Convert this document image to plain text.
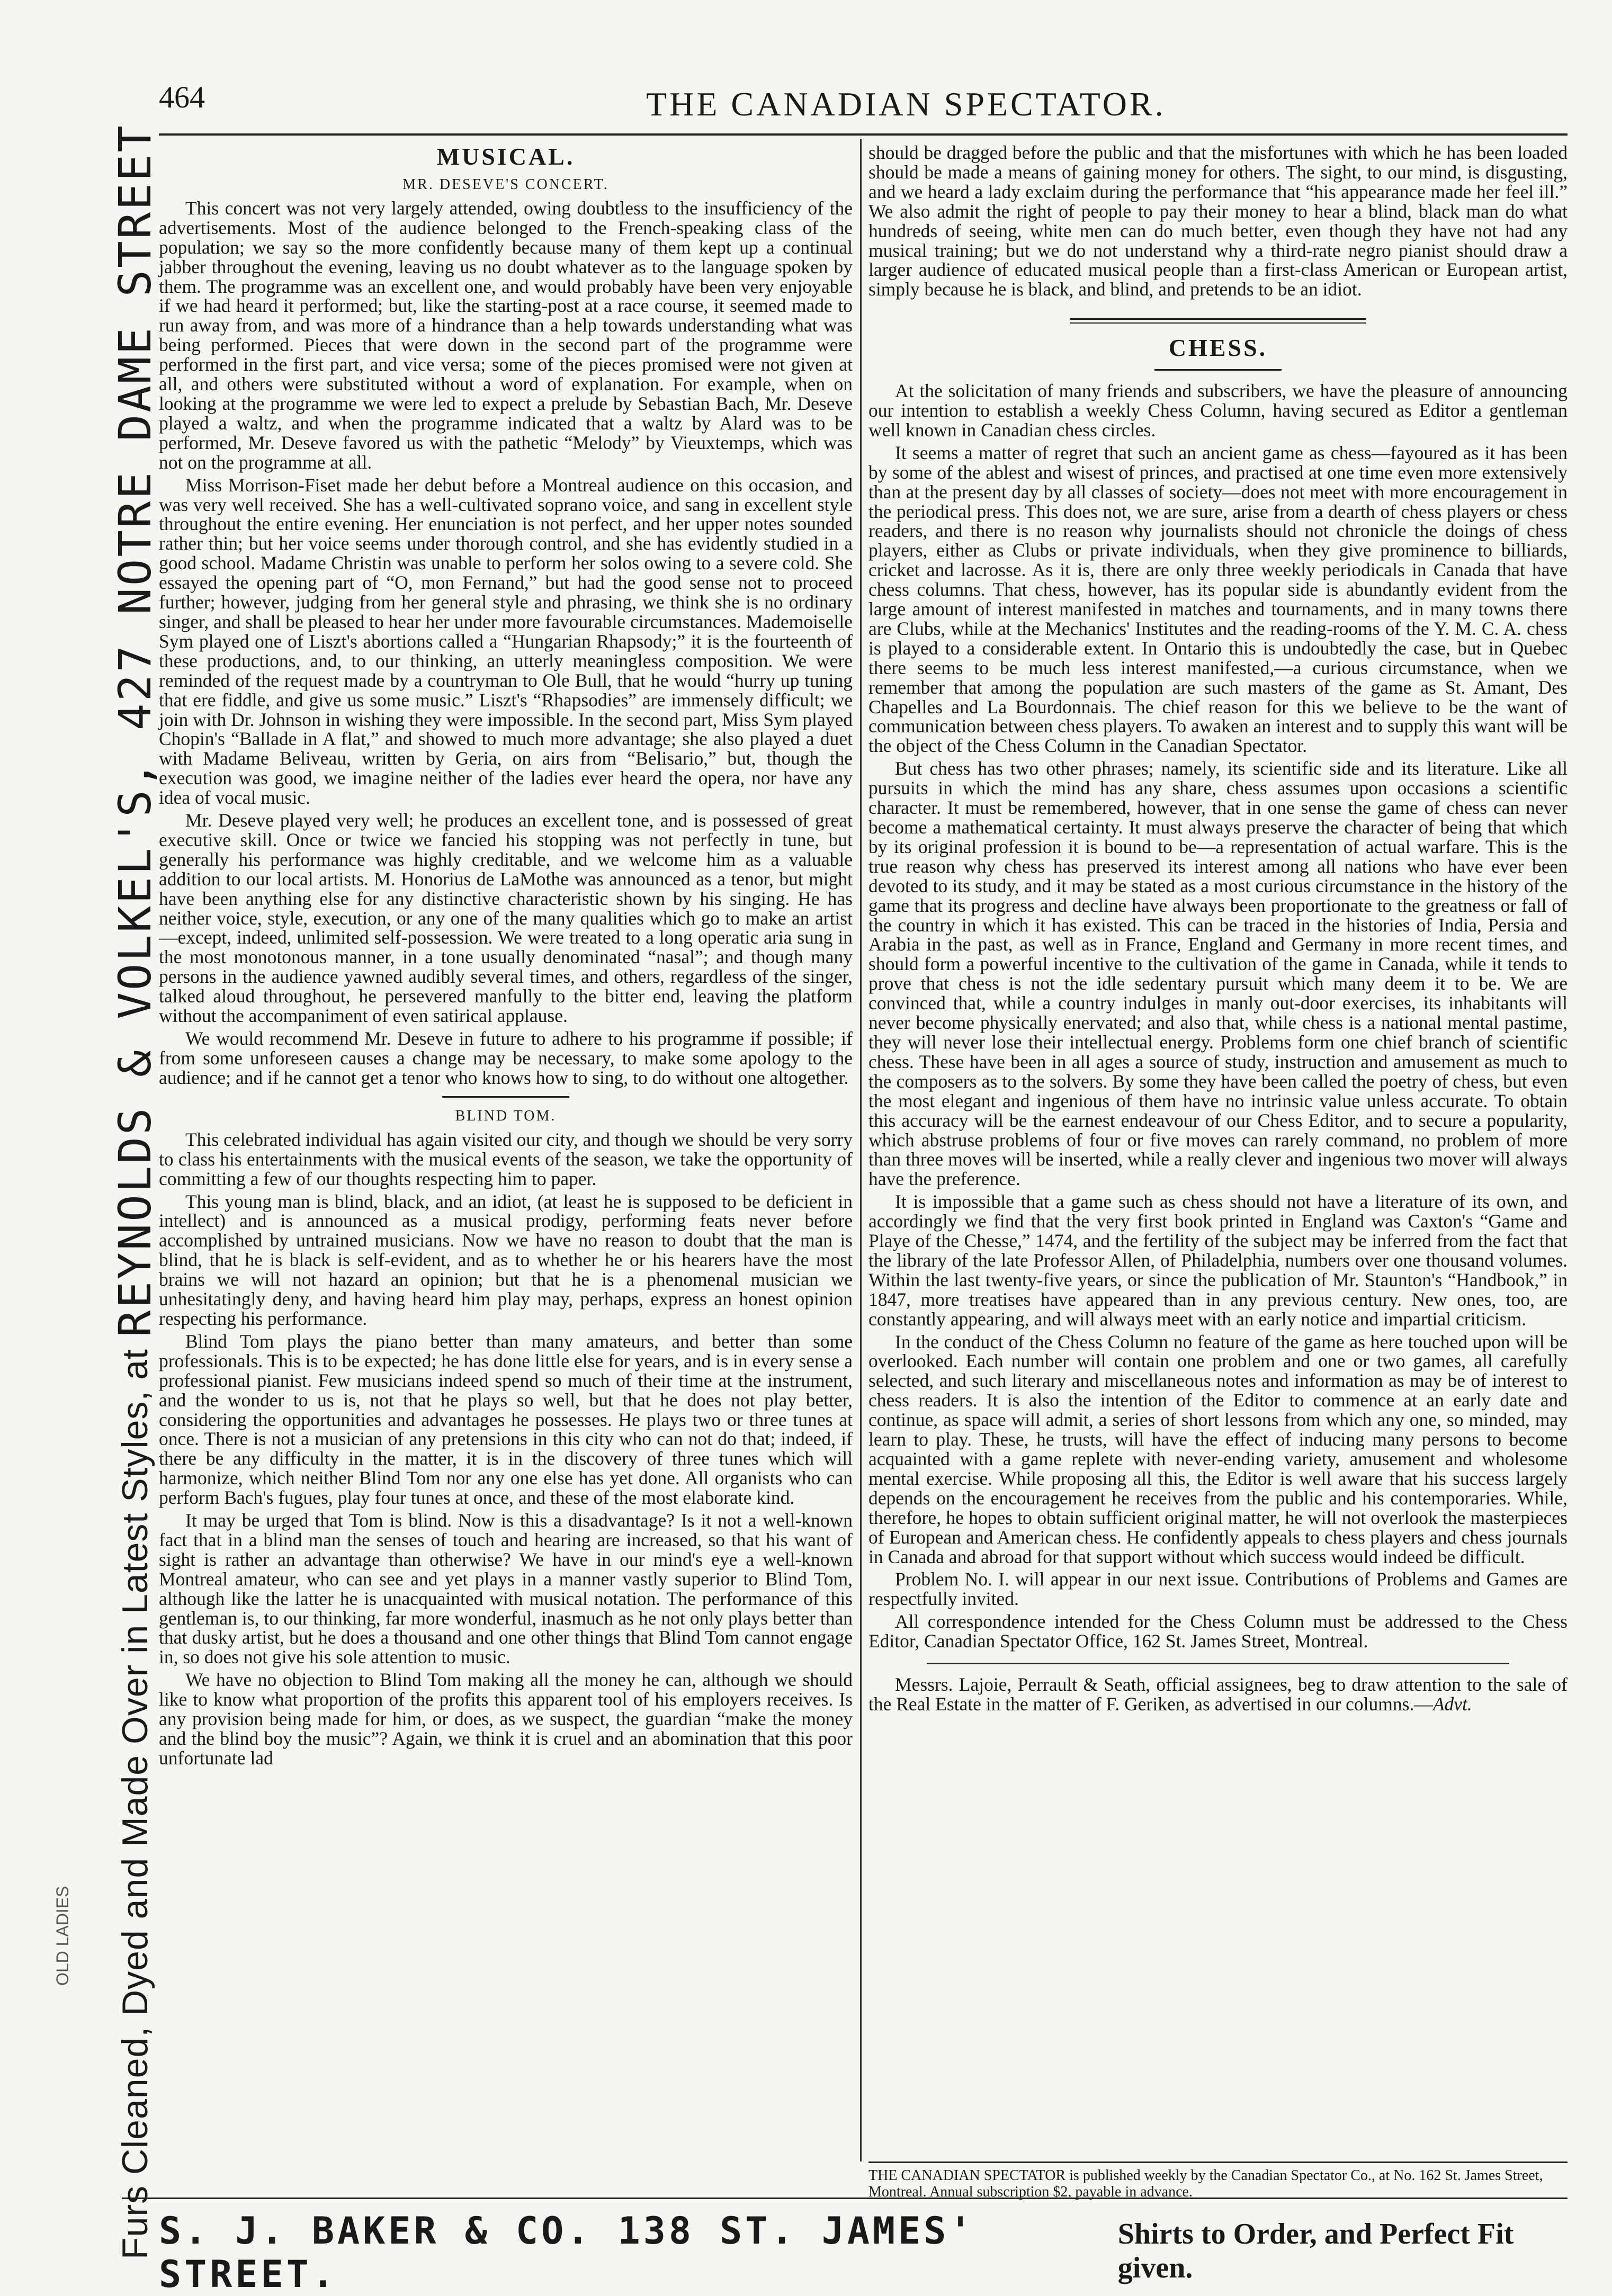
464	THE CANADIAN SPECTATOR.
Furs Cleaned, Dyed and Made Over in Latest Styles, at
REYNOLDS & VOLKEL'S, 427 NOTRE DAME STREET
OLD LADIES
MUSICAL.
MR. DESEVE'S CONCERT.

This concert was not very largely attended, owing doubtless to the insufficiency of the advertisements. Most of the audience belonged to the French-speaking class of the population; we say so the more confidently because many of them kept up a continual jabber throughout the evening, leaving us no doubt whatever as to the language spoken by them. The programme was an excellent one, and would probably have been very enjoyable if we had heard it performed; but, like the starting-post at a race course, it seemed made to run away from, and was more of a hindrance than a help towards understanding what was being performed. Pieces that were down in the second part of the programme were performed in the first part, and vice versa; some of the pieces promised were not given at all, and others were substituted without a word of explanation. For example, when on looking at the programme we were led to expect a prelude by Sebastian Bach, Mr. Deseve played a waltz, and when the programme indicated that a waltz by Alard was to be performed, Mr. Deseve favored us with the pathetic “Melody” by Vieuxtemps, which was not on the programme at all.

Miss Morrison-Fiset made her debut before a Montreal audience on this occasion, and was very well received. She has a well-cultivated soprano voice, and sang in excellent style throughout the entire evening. Her enunciation is not perfect, and her upper notes sounded rather thin; but her voice seems under thorough control, and she has evidently studied in a good school. Madame Christin was unable to perform her solos owing to a severe cold. She essayed the opening part of “O, mon Fernand,” but had the good sense not to proceed further; however, judging from her general style and phrasing, we think she is no ordinary singer, and shall be pleased to hear her under more favourable circumstances. Mademoiselle Sym played one of Liszt's abortions called a “Hungarian Rhapsody;” it is the fourteenth of these productions, and, to our thinking, an utterly meaningless composition. We were reminded of the request made by a countryman to Ole Bull, that he would “hurry up tuning that ere fiddle, and give us some music.” Liszt's “Rhapsodies” are immensely difficult; we join with Dr. Johnson in wishing they were impossible. In the second part, Miss Sym played Chopin's “Ballade in A flat,” and showed to much more advantage; she also played a duet with Madame Beliveau, written by Geria, on airs from “Belisario,” but, though the execution was good, we imagine neither of the ladies ever heard the opera, nor have any idea of vocal music.

Mr. Deseve played very well; he produces an excellent tone, and is possessed of great executive skill. Once or twice we fancied his stopping was not perfectly in tune, but generally his performance was highly creditable, and we welcome him as a valuable addition to our local artists. M. Honorius de LaMothe was announced as a tenor, but might have been anything else for any distinctive characteristic shown by his singing. He has neither voice, style, execution, or any one of the many qualities which go to make an artist—except, indeed, unlimited self-possession. We were treated to a long operatic aria sung in the most monotonous manner, in a tone usually denominated “nasal”; and though many persons in the audience yawned audibly several times, and others, regardless of the singer, talked aloud throughout, he persevered manfully to the bitter end, leaving the platform without the accompaniment of even satirical applause.

We would recommend Mr. Deseve in future to adhere to his programme if possible; if from some unforeseen causes a change may be necessary, to make some apology to the audience; and if he cannot get a tenor who knows how to sing, to do without one altogether.

BLIND TOM.

This celebrated individual has again visited our city, and though we should be very sorry to class his entertainments with the musical events of the season, we take the opportunity of committing a few of our thoughts respecting him to paper.

This young man is blind, black, and an idiot, (at least he is supposed to be deficient in intellect) and is announced as a musical prodigy, performing feats never before accomplished by untrained musicians. Now we have no reason to doubt that the man is blind, that he is black is self-evident, and as to whether he or his hearers have the most brains we will not hazard an opinion; but that he is a phenomenal musician we unhesitatingly deny, and having heard him play may, perhaps, express an honest opinion respecting his performance.

Blind Tom plays the piano better than many amateurs, and better than some professionals. This is to be expected; he has done little else for years, and is in every sense a professional pianist. Few musicians indeed spend so much of their time at the instrument, and the wonder to us is, not that he plays so well, but that he does not play better, considering the opportunities and advantages he possesses. He plays two or three tunes at once. There is not a musician of any pretensions in this city who can not do that; indeed, if there be any difficulty in the matter, it is in the discovery of three tunes which will harmonize, which neither Blind Tom nor any one else has yet done. All organists who can perform Bach's fugues, play four tunes at once, and these of the most elaborate kind.

It may be urged that Tom is blind. Now is this a disadvantage? Is it not a well-known fact that in a blind man the senses of touch and hearing are increased, so that his want of sight is rather an advantage than otherwise? We have in our mind's eye a well-known Montreal amateur, who can see and yet plays in a manner vastly superior to Blind Tom, although like the latter he is unacquainted with musical notation. The performance of this gentleman is, to our thinking, far more wonderful, inasmuch as he not only plays better than that dusky artist, but he does a thousand and one other things that Blind Tom cannot engage in, so does not give his sole attention to music.

We have no objection to Blind Tom making all the money he can, although we should like to know what proportion of the profits this apparent tool of his employers receives. Is any provision being made for him, or does, as we suspect, the guardian “make the money and the blind boy the music”? Again, we think it is cruel and an abomination that this poor unfortunate lad

should be dragged before the public and that the misfortunes with which he has been loaded should be made a means of gaining money for others. The sight, to our mind, is disgusting, and we heard a lady exclaim during the performance that “his appearance made her feel ill.” We also admit the right of people to pay their money to hear a blind, black man do what hundreds of seeing, white men can do much better, even though they have not had any musical training; but we do not understand why a third-rate negro pianist should draw a larger audience of educated musical people than a first-class American or European artist, simply because he is black, and blind, and pretends to be an idiot.

CHESS.

At the solicitation of many friends and subscribers, we have the pleasure of announcing our intention to establish a weekly Chess Column, having secured as Editor a gentleman well known in Canadian chess circles.

It seems a matter of regret that such an ancient game as chess—fayoured as it has been by some of the ablest and wisest of princes, and practised at one time even more extensively than at the present day by all classes of society—does not meet with more encouragement in the periodical press. This does not, we are sure, arise from a dearth of chess players or chess readers, and there is no reason why journalists should not chronicle the doings of chess players, either as Clubs or private individuals, when they give prominence to billiards, cricket and lacrosse. As it is, there are only three weekly periodicals in Canada that have chess columns. That chess, however, has its popular side is abundantly evident from the large amount of interest manifested in matches and tournaments, and in many towns there are Clubs, while at the Mechanics' Institutes and the reading-rooms of the Y. M. C. A. chess is played to a considerable extent. In Ontario this is undoubtedly the case, but in Quebec there seems to be much less interest manifested,—a curious circumstance, when we remember that among the population are such masters of the game as St. Amant, Des Chapelles and La Bourdonnais. The chief reason for this we believe to be the want of communication between chess players. To awaken an interest and to supply this want will be the object of the Chess Column in the Canadian Spectator.

But chess has two other phrases; namely, its scientific side and its literature. Like all pursuits in which the mind has any share, chess assumes upon occasions a scientific character. It must be remembered, however, that in one sense the game of chess can never become a mathematical certainty. It must always preserve the character of being that which by its original profession it is bound to be—a representation of actual warfare. This is the true reason why chess has preserved its interest among all nations who have ever been devoted to its study, and it may be stated as a most curious circumstance in the history of the game that its progress and decline have always been proportionate to the greatness or fall of the country in which it has existed. This can be traced in the histories of India, Persia and Arabia in the past, as well as in France, England and Germany in more recent times, and should form a powerful incentive to the cultivation of the game in Canada, while it tends to prove that chess is not the idle sedentary pursuit which many deem it to be. We are convinced that, while a country indulges in manly out-door exercises, its inhabitants will never become physically enervated; and also that, while chess is a national mental pastime, they will never lose their intellectual energy. Problems form one chief branch of scientific chess. These have been in all ages a source of study, instruction and amusement as much to the composers as to the solvers. By some they have been called the poetry of chess, but even the most elegant and ingenious of them have no intrinsic value unless accurate. To obtain this accuracy will be the earnest endeavour of our Chess Editor, and to secure a popularity, which abstruse problems of four or five moves can rarely command, no problem of more than three moves will be inserted, while a really clever and ingenious two mover will always have the preference.

It is impossible that a game such as chess should not have a literature of its own, and accordingly we find that the very first book printed in England was Caxton's “Game and Playe of the Chesse,” 1474, and the fertility of the subject may be inferred from the fact that the library of the late Professor Allen, of Philadelphia, numbers over one thousand volumes. Within the last twenty-five years, or since the publication of Mr. Staunton's “Handbook,” in 1847, more treatises have appeared than in any previous century. New ones, too, are constantly appearing, and will always meet with an early notice and impartial criticism.

In the conduct of the Chess Column no feature of the game as here touched upon will be overlooked. Each number will contain one problem and one or two games, all carefully selected, and such literary and miscellaneous notes and information as may be of interest to chess readers. It is also the intention of the Editor to commence at an early date and continue, as space will admit, a series of short lessons from which any one, so minded, may learn to play. These, he trusts, will have the effect of inducing many persons to become acquainted with a game replete with never-ending variety, amusement and wholesome mental exercise. While proposing all this, the Editor is well aware that his success largely depends on the encouragement he receives from the public and his contemporaries. While, therefore, he hopes to obtain sufficient original matter, he will not overlook the masterpieces of European and American chess. He confidently appeals to chess players and chess journals in Canada and abroad for that support without which success would indeed be difficult.

Problem No. I. will appear in our next issue. Contributions of Problems and Games are respectfully invited.

All correspondence intended for the Chess Column must be addressed to the Chess Editor, Canadian Spectator Office, 162 St. James Street, Montreal.

Messrs. Lajoie, Perrault & Seath, official assignees, beg to draw attention to the sale of the Real Estate in the matter of F. Geriken, as advertised in our columns.—Advt.

THE CANADIAN SPECTATOR is published weekly by the Canadian Spectator Co., at No. 162 St. James Street, Montreal. Annual subscription $2, payable in advance.
S. J. BAKER & CO. 138 ST. JAMES' STREET.
Shirts to Order, and Perfect Fit given.
